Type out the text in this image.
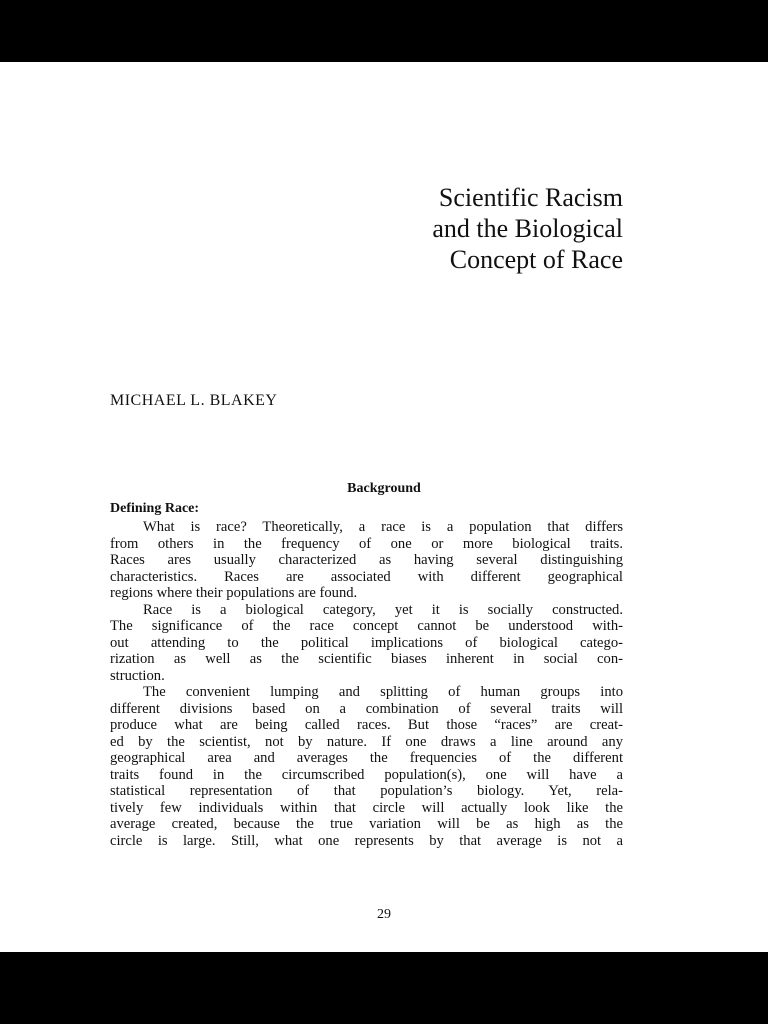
Scientific Racism
and the Biological
Concept of Race
MICHAEL L. BLAKEY
Background
Defining Race:
What is race? Theoretically, a race is a population that differs
from others in the frequency of one or more biological traits.
Races ares usually characterized as having several distinguishing
characteristics. Races are associated with different geographical
regions where their populations are found.
Race is a biological category, yet it is socially constructed.
The significance of the race concept cannot be understood with-
out attending to the political implications of biological catego-
rization as well as the scientific biases inherent in social con-
struction.
The convenient lumping and splitting of human groups into
different divisions based on a combination of several traits will
produce what are being called races. But those “races” are creat-
ed by the scientist, not by nature. If one draws a line around any
geographical area and averages the frequencies of the different
traits found in the circumscribed population(s), one will have a
statistical representation of that population’s biology. Yet, rela-
tively few individuals within that circle will actually look like the
average created, because the true variation will be as high as the
circle is large. Still, what one represents by that average is not a
29
